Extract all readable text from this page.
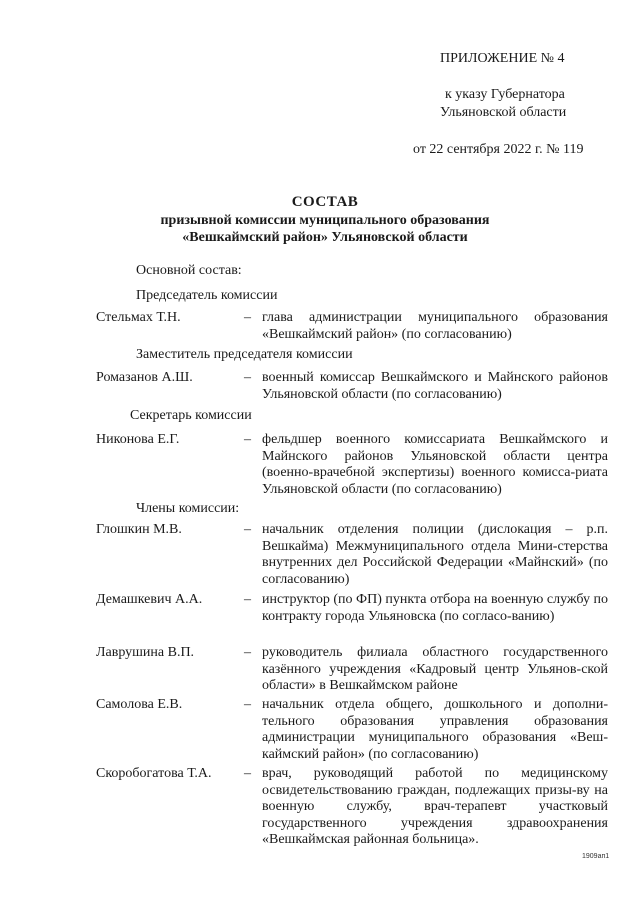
ПРИЛОЖЕНИЕ № 4
к указу Губернатора
Ульяновской области
от 22 сентября 2022 г. № 119
СОСТАВ
призывной комиссии муниципального образования
«Вешкаймский район» Ульяновской области
Основной состав:
Председатель комиссии
Стельмах Т.Н.	– глава администрации муниципального образования «Вешкаймский район» (по согласованию)
Заместитель председателя комиссии
Ромазанов А.Ш.	– военный комиссар Вешкаймского и Майнского районов Ульяновской области (по согласованию)
Секретарь комиссии
Никонова Е.Г.	– фельдшер военного комиссариата Вешкаймского и Майнского районов Ульяновской области центра (военно-врачебной экспертизы) военного комисса-риата Ульяновской области (по согласованию)
Члены комиссии:
Глошкин М.В.	– начальник отделения полиции (дислокация – р.п. Вешкайма) Межмуниципального отдела Мини-стерства внутренних дел Российской Федерации «Майнский» (по согласованию)
Демашкевич А.А.	– инструктор (по ФП) пункта отбора на военную службу по контракту города Ульяновска (по согласо-ванию)
Лаврушина В.П.	– руководитель филиала областного государственного казённого учреждения «Кадровый центр Ульянов-ской области» в Вешкаймском районе
Самолова Е.В.	– начальник отдела общего, дошкольного и дополни-тельного образования управления образования администрации муниципального образования «Веш-каймский район» (по согласованию)
Скоробогатова Т.А. – врач, руководящий работой по медицинскому освидетельствованию граждан, подлежащих призы-ву на военную службу, врач-терапевт участковый государственного учреждения здравоохранения «Вешкаймская районная больница».
1909ап1
